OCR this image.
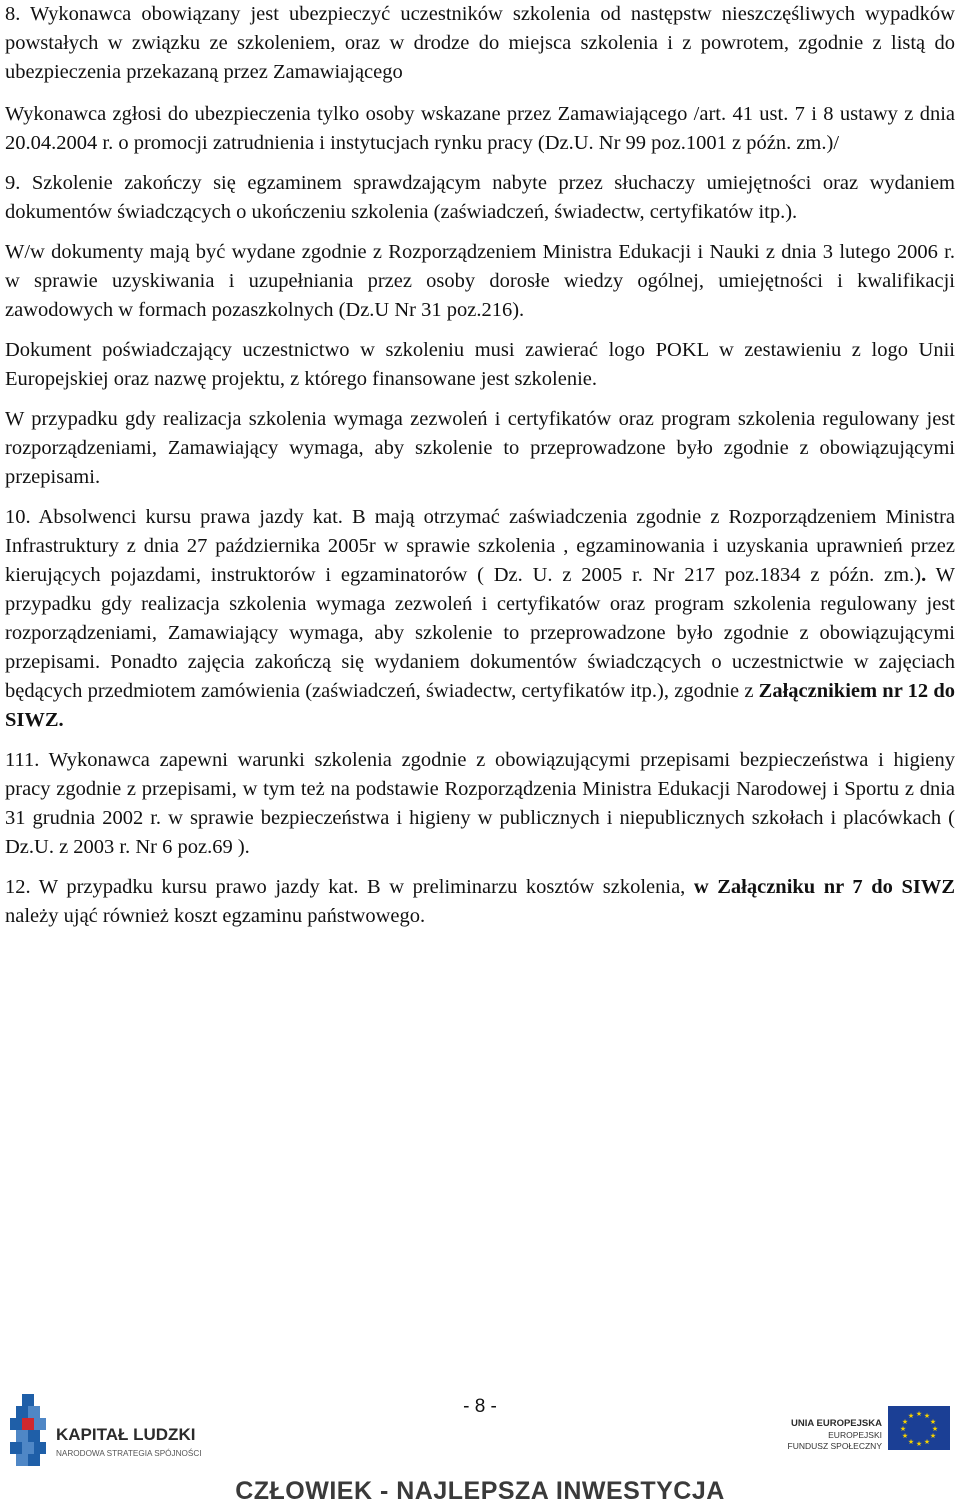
8. Wykonawca obowiązany jest ubezpieczyć uczestników szkolenia od następstw nieszczęśliwych wypadków powstałych w związku ze szkoleniem, oraz w drodze do miejsca szkolenia i z powrotem, zgodnie z listą do ubezpieczenia przekazaną przez Zamawiającego

Wykonawca zgłosi do ubezpieczenia tylko osoby wskazane przez Zamawiającego /art. 41 ust. 7 i 8 ustawy z dnia 20.04.2004 r. o promocji zatrudnienia i instytucjach rynku pracy (Dz.U. Nr 99 poz.1001 z późn. zm.)/

9. Szkolenie zakończy się egzaminem sprawdzającym nabyte przez słuchaczy umiejętności oraz wydaniem dokumentów świadczących o ukończeniu szkolenia (zaświadczeń, świadectw, certyfikatów itp.).

W/w dokumenty mają być wydane zgodnie z Rozporządzeniem Ministra Edukacji i Nauki z dnia 3 lutego 2006 r. w sprawie uzyskiwania i uzupełniania przez osoby dorosłe wiedzy ogólnej, umiejętności i kwalifikacji zawodowych w formach pozaszkolnych (Dz.U Nr 31 poz.216).

Dokument poświadczający uczestnictwo w szkoleniu musi zawierać logo POKL w zestawieniu z logo Unii Europejskiej oraz nazwę projektu, z którego finansowane jest szkolenie.

W przypadku gdy realizacja szkolenia wymaga zezwoleń i certyfikatów oraz program szkolenia regulowany jest rozporządzeniami, Zamawiający wymaga, aby szkolenie to przeprowadzone było zgodnie z obowiązującymi przepisami.

10. Absolwenci kursu prawa jazdy kat. B mają otrzymać zaświadczenia zgodnie z Rozporządzeniem Ministra Infrastruktury z dnia 27 października 2005r w sprawie szkolenia , egzaminowania i uzyskania uprawnień przez kierujących pojazdami, instruktorów i egzaminatorów ( Dz. U. z 2005 r. Nr 217 poz.1834 z późn. zm.). W przypadku gdy realizacja szkolenia wymaga zezwoleń i certyfikatów oraz program szkolenia regulowany jest rozporządzeniami, Zamawiający wymaga, aby szkolenie to przeprowadzone było zgodnie z obowiązującymi przepisami. Ponadto zajęcia zakończą się wydaniem dokumentów świadczących o uczestnictwie w zajęciach będących przedmiotem zamówienia (zaświadczeń, świadectw, certyfikatów itp.), zgodnie z Załącznikiem nr 12 do SIWZ.

111. Wykonawca zapewni warunki szkolenia zgodnie z obowiązującymi przepisami bezpieczeństwa i higieny pracy zgodnie z przepisami, w tym też na podstawie Rozporządzenia Ministra Edukacji Narodowej i Sportu z dnia 31 grudnia 2002 r. w sprawie bezpieczeństwa i higieny w publicznych i niepublicznych szkołach i placówkach ( Dz.U. z 2003 r. Nr 6 poz.69 ).

12. W przypadku kursu prawo jazdy kat. B w preliminarzu kosztów szkolenia, w Załączniku nr 7 do SIWZ należy ująć również koszt egzaminu państwowego.

- 8 -
KAPITAŁ LUDZKI
NARODOWA STRATEGIA SPÓJNOŚCI
UNIA EUROPEJSKA
EUROPEJSKI
FUNDUSZ SPOŁECZNY
★ ★
★
★
★
★
★
★
★
★
★
★
CZŁOWIEK - NAJLEPSZA INWESTYCJA
